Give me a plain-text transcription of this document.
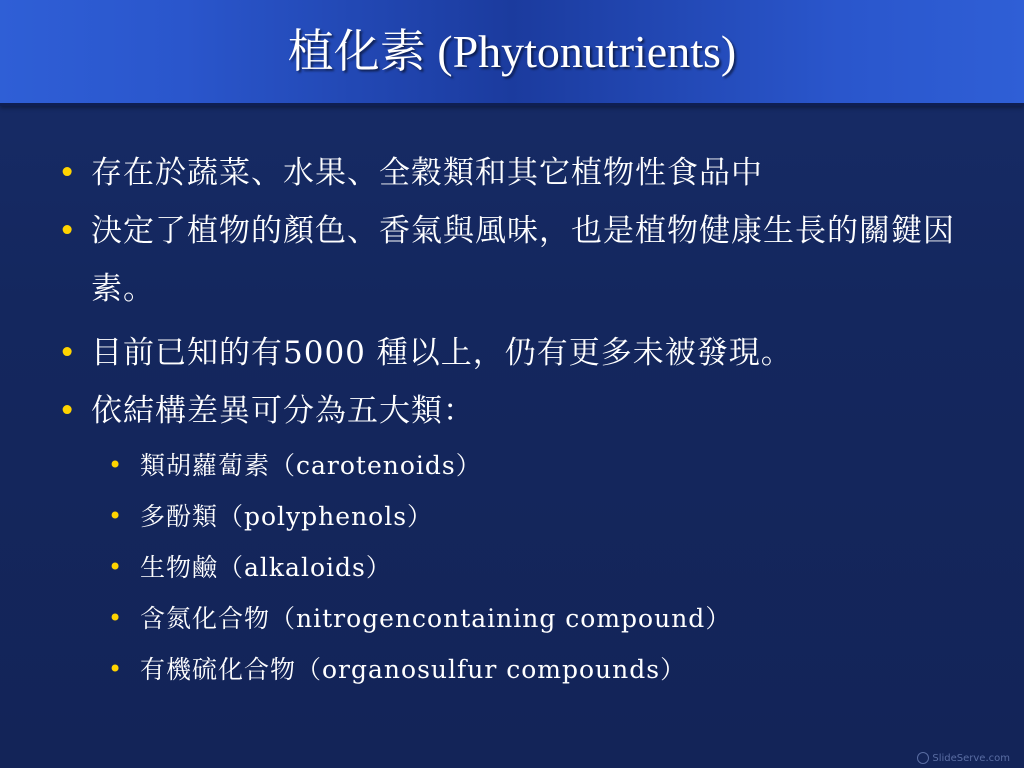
植化素 (Phytonutrients)
• 存在於蔬菜、水果、全穀類和其它植物性食品中
• 決定了植物的顏色、香氣與風味，也是植物健康生長的關鍵因素。
• 目前已知的有5000 種以上，仍有更多未被發現。
• 依結構差異可分為五大類：
• 類胡蘿蔔素（carotenoids）
• 多酚類（polyphenols）
• 生物鹼（alkaloids）
• 含氮化合物（nitrogencontaining compound）
• 有機硫化合物（organosulfur compounds）
SlideServe.com
